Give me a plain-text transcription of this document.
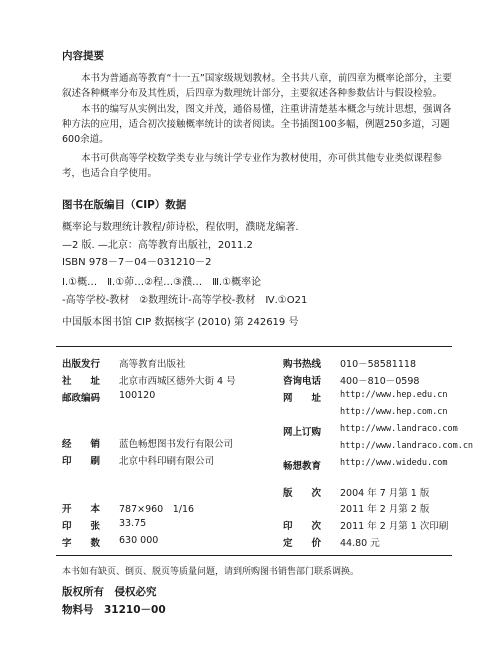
内容提要
本书为普通高等教育“十一五”国家级规划教材。全书共八章，前四章为概率论部分，主要叙述各种概率分布及其性质，后四章为数理统计部分，主要叙述各种参数估计与假设检验。
本书的编写从实例出发，图文并茂，通俗易懂，注重讲清楚基本概念与统计思想，强调各种方法的应用，适合初次接触概率统计的读者阅读。全书插图100多幅，例题250多道，习题600余道。
本书可供高等学校数学类专业与统计学专业作为教材使用，亦可供其他专业类似课程参考，也适合自学使用。
图书在版编目（CIP）数据
概率论与数理统计教程/茆诗松，程依明，濮晓龙编著.
—2 版. —北京：高等教育出版社，2011.2
ISBN 978－7－04－031210－2
Ⅰ.①概…　Ⅱ.①茆…②程…③濮…　Ⅲ.①概率论
-高等学校-教材　②数理统计-高等学校-教材　Ⅳ.①O21
中国版本图书馆 CIP 数据核字 (2010) 第 242619 号
出版发行 高等教育出版社
社　　址 北京市西城区德外大街 4 号
邮政编码 100120
购书热线 010－58581118
咨询电话 400－810－0598
网　　址 http://www.hep.edu.cn
http://www.hep.com.cn
网上订购 http://www.landraco.com
http://www.landraco.com.cn
畅想教育 http://www.widedu.com
经　　销 蓝色畅想图书发行有限公司
印　　刷 北京中科印刷有限公司
开　　本 787×960　1/16
印　　张 33.75
字　　数 630 000
版　　次 2004 年 7 月第 1 版
2011 年 2 月第 2 版
印　　次 2011 年 2 月第 1 次印刷
定　　价 44.80 元
本书如有缺页、倒页、脱页等质量问题，请到所购图书销售部门联系调换。
版权所有　侵权必究
物料号　31210－00
